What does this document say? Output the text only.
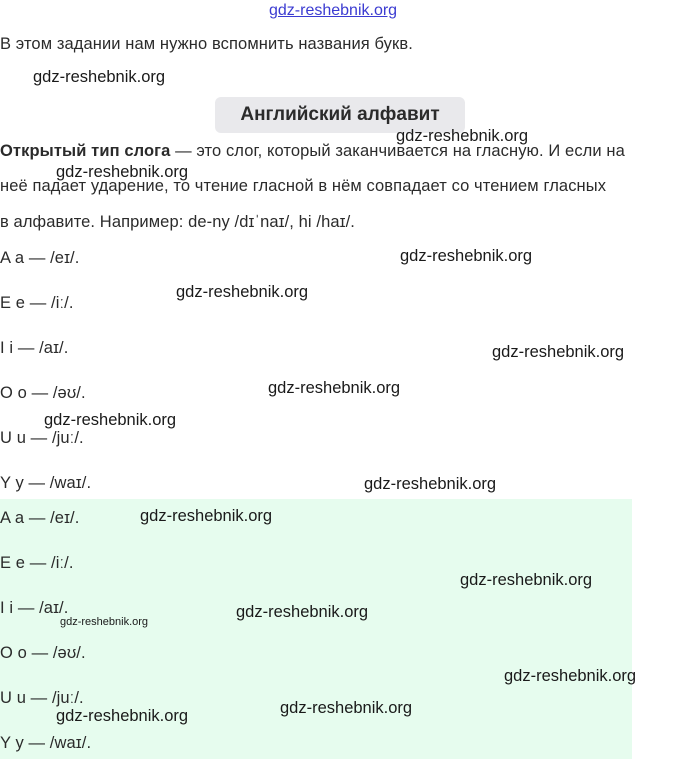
gdz-reshebnik.org
В этом задании нам нужно вспомнить названия букв.
Английский алфавит
Открытый тип слога — это слог, который заканчивается на гласную. И если на
неё падает ударение, то чтение гласной в нём совпадает со чтением гласных
в алфавите. Например: de-ny /dɪˈnaɪ/, hi /haɪ/.
A a — /eɪ/.
E e — /iː/.
I i — /aɪ/.
O o — /əʊ/.
U u — /juː/.
Y y — /waɪ/.
A a — /eɪ/.
E e — /iː/.
I i — /aɪ/.
O o — /əʊ/.
U u — /juː/.
Y y — /waɪ/.
gdz-reshebnik.org
gdz-reshebnik.org
gdz-reshebnik.org
gdz-reshebnik.org
gdz-reshebnik.org
gdz-reshebnik.org
gdz-reshebnik.org
gdz-reshebnik.org
gdz-reshebnik.org
gdz-reshebnik.org
gdz-reshebnik.org
gdz-reshebnik.org
gdz-reshebnik.org
gdz-reshebnik.org
gdz-reshebnik.org
gdz-reshebnik.org
